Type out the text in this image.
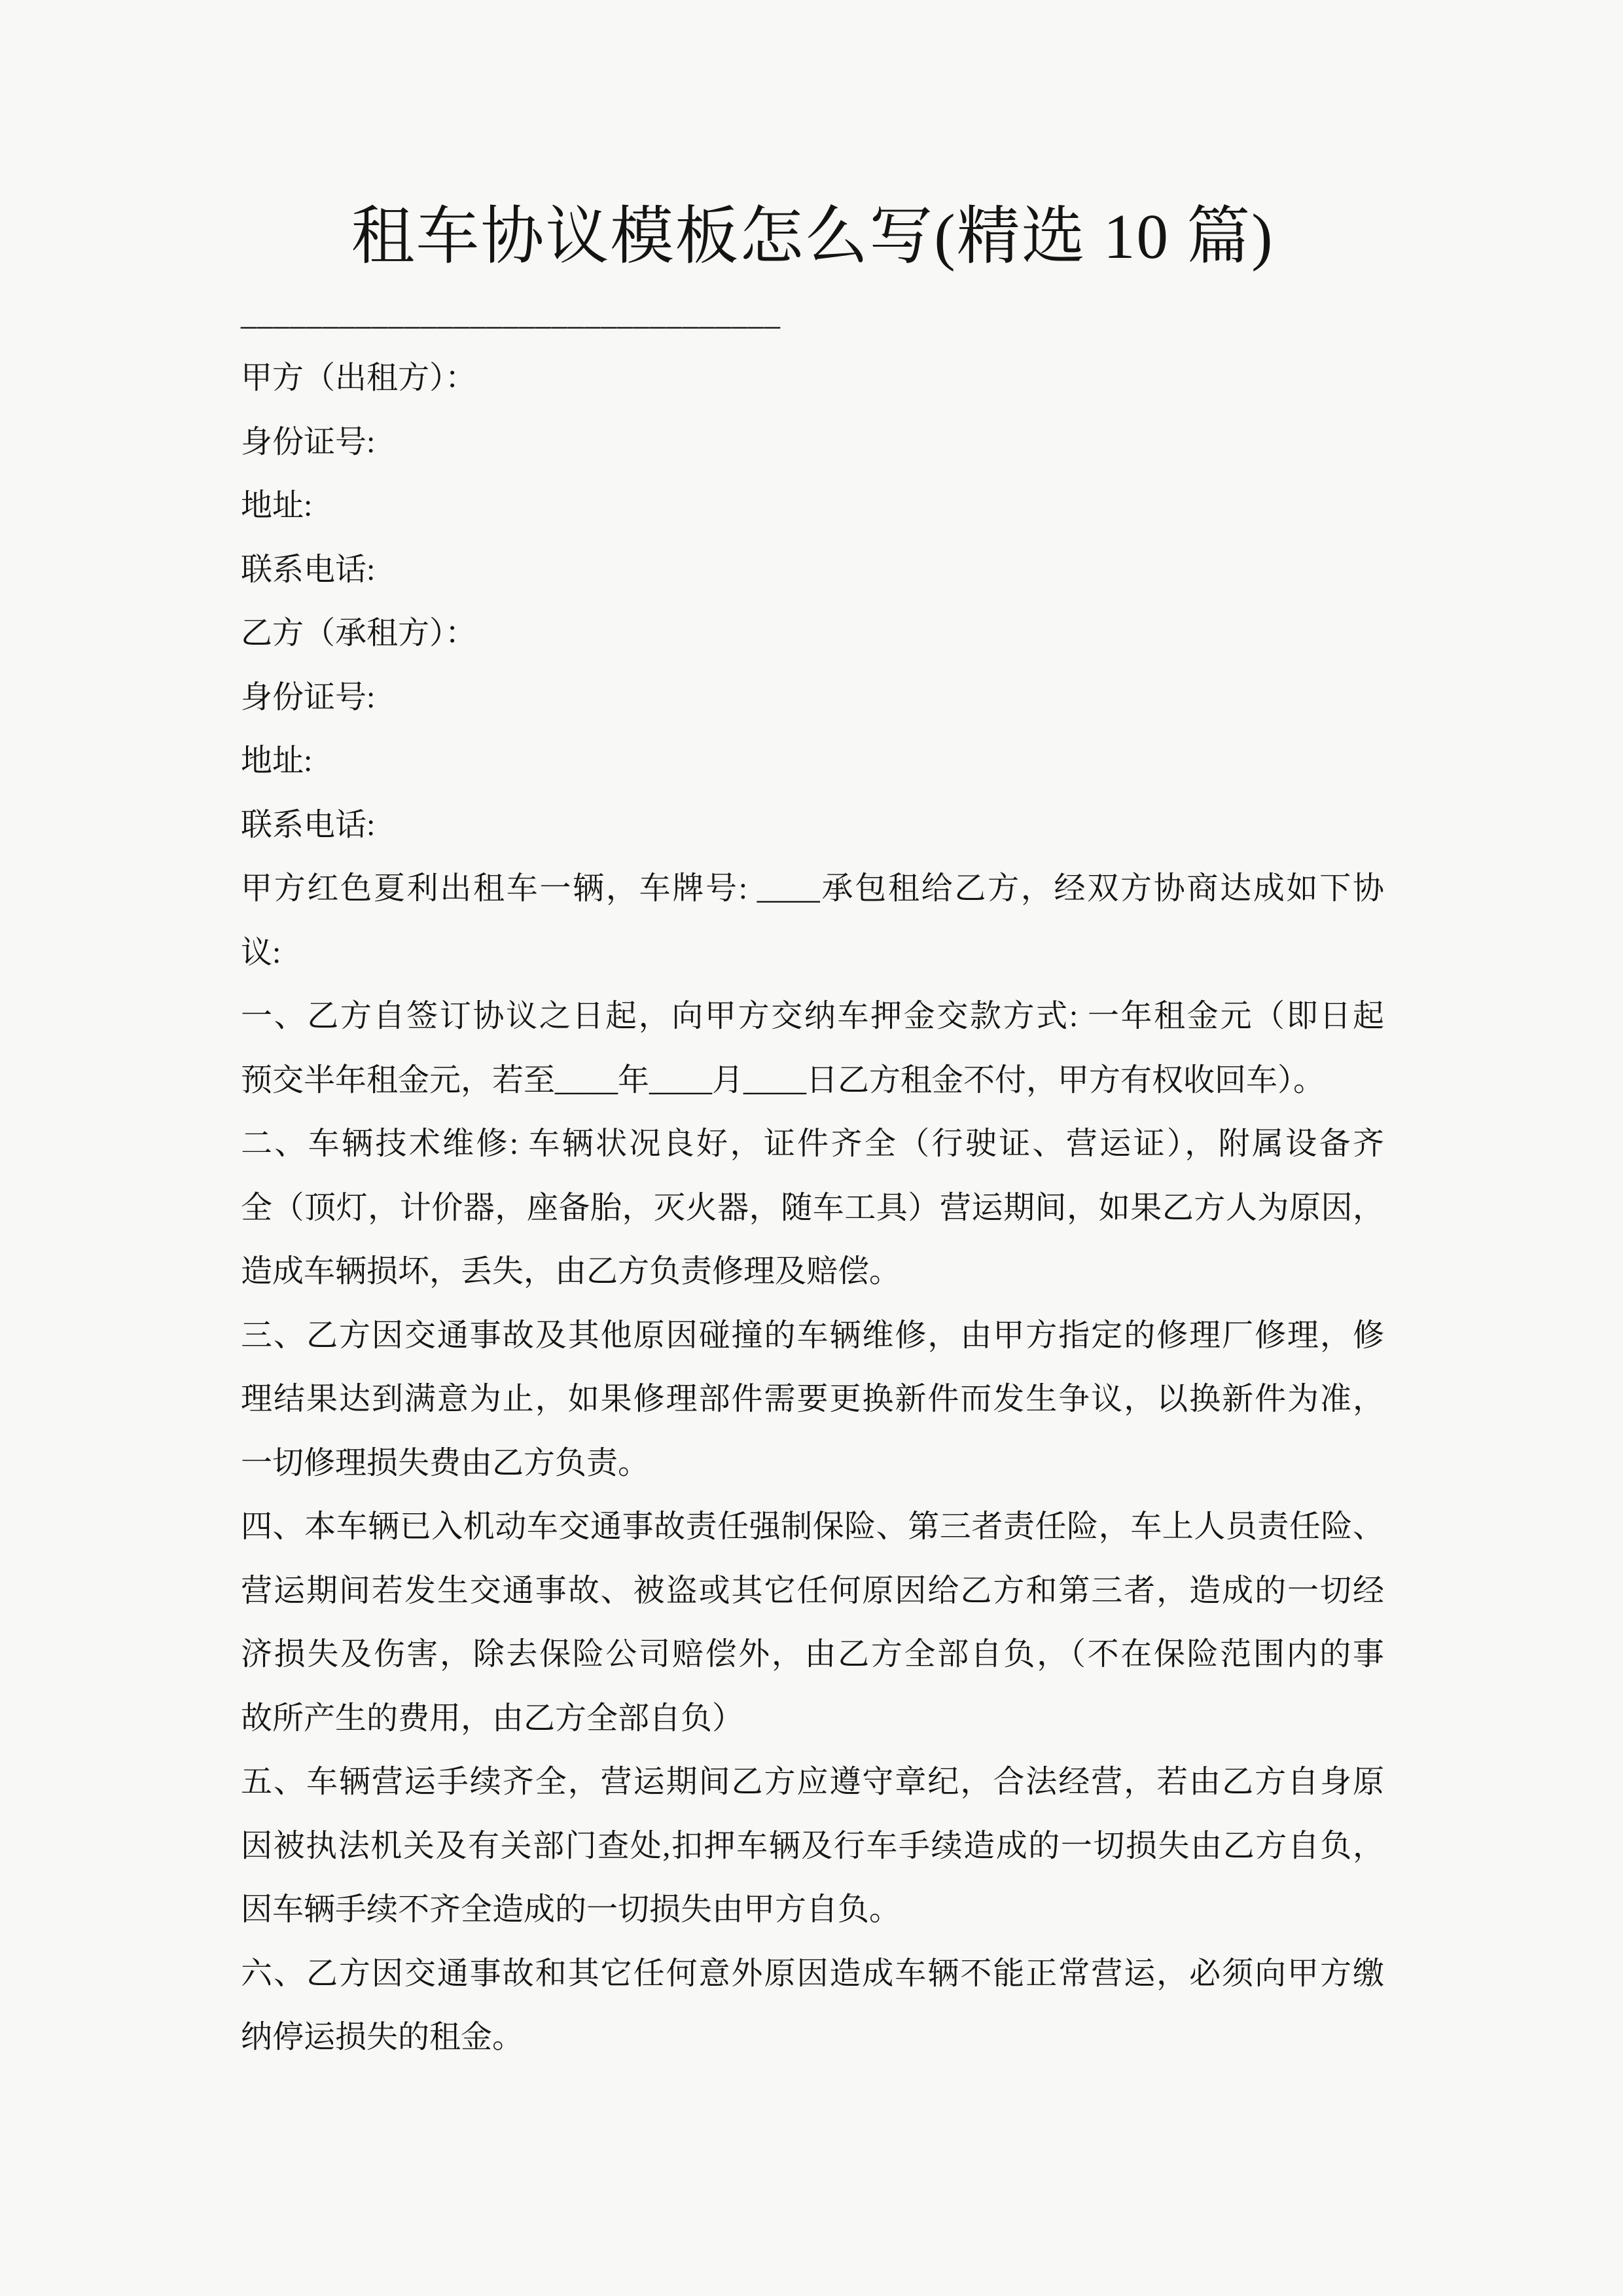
租车协议模板怎么写(精选 10 篇)
_________________________________
甲方（出租方）：
身份证号:
地址:
联系电话:
乙方（承租方）：
身份证号:
地址:
联系电话:
甲方红色夏利出租车一辆，车牌号: ____承包租给乙方，经双方协商达成如下协
议:
一、乙方自签订协议之日起，向甲方交纳车押金交款方式: 一年租金元（即日起
预交半年租金元，若至____年____月____日乙方租金不付，甲方有权收回车）。
二、车辆技术维修: 车辆状况良好，证件齐全（行驶证、营运证），附属设备齐
全（顶灯，计价器，座备胎，灭火器，随车工具）营运期间，如果乙方人为原因，
造成车辆损坏，丢失，由乙方负责修理及赔偿。
三、乙方因交通事故及其他原因碰撞的车辆维修，由甲方指定的修理厂修理，修
理结果达到满意为止，如果修理部件需要更换新件而发生争议，以换新件为准，
一切修理损失费由乙方负责。
四、本车辆已入机动车交通事故责任强制保险、第三者责任险，车上人员责任险、
营运期间若发生交通事故、被盗或其它任何原因给乙方和第三者，造成的一切经
济损失及伤害，除去保险公司赔偿外，由乙方全部自负，（不在保险范围内的事
故所产生的费用，由乙方全部自负）
五、车辆营运手续齐全，营运期间乙方应遵守章纪，合法经营，若由乙方自身原
因被执法机关及有关部门查处,扣押车辆及行车手续造成的一切损失由乙方自负，
因车辆手续不齐全造成的一切损失由甲方自负。
六、乙方因交通事故和其它任何意外原因造成车辆不能正常营运，必须向甲方缴
纳停运损失的租金。
